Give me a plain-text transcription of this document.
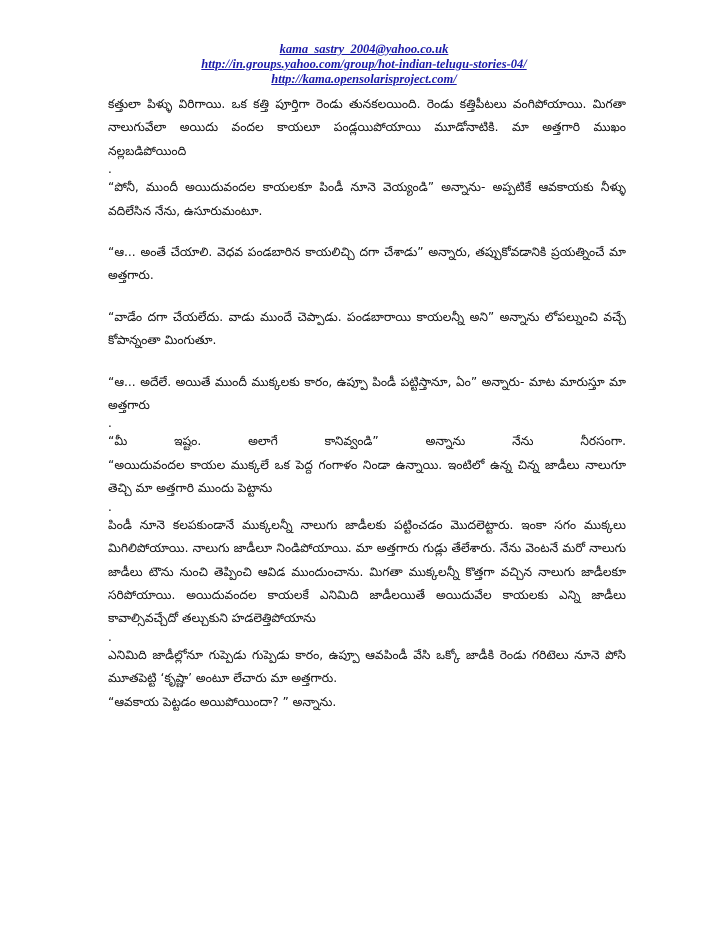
kama_sastry_2004@yahoo.co.uk
http://in.groups.yahoo.com/group/hot-indian-telugu-stories-04/
http://kama.opensolarisproject.com/

కత్తులా పిళ్ళు విరిగాయి. ఒక కత్తి పూర్తిగా రెండు తునకలయింది. రెండు కత్తిపీటలు వంగిపోయాయి. మిగతా నాలుగువేలా అయిదు వందల కాయలూ పండ్లయిపోయాయి మూడోనాటికి. మా అత్తగారి ముఖం నల్లబడిపోయింది

.

“పోనీ, ముందీ అయిదువందల కాయలకూ పిండీ నూనె వెయ్యండి” అన్నాను- అప్పటికే ఆవకాయకు నీళ్ళు వదిలేసిన నేను, ఉసూరుమంటూ.

“ఆ... అంతే చేయాలి. వెధవ పండబారిన కాయలిచ్చి దగా చేశాడు” అన్నారు, తప్పుకోవడానికి ప్రయత్నించే మా అత్తగారు.

“వాడేం దగా చేయలేదు. వాడు ముందే చెప్పాడు. పండబారాయి కాయలన్నీ అని” అన్నాను లోపల్నుంచి వచ్చే కోపాన్నంతా మింగుతూ.

“ఆ... అదేలే. అయితే ముందీ ముక్కలకు కారం, ఉప్పూ పిండీ పట్టిస్తానూ, ఏం” అన్నారు- మాట మారుస్తూ మా అత్తగారు

.

“మీ	ఇష్టం.	అలాగే	కానివ్వండి”	అన్నాను	నేను	నీరసంగా.

“అయిదువందల కాయల ముక్కలే ఒక పెద్ద గంగాళం నిండా ఉన్నాయి. ఇంటిలో ఉన్న చిన్న జాడీలు నాలుగూ తెచ్చి మా అత్తగారి ముందు పెట్టాను

.

పిండీ నూనె కలపకుండానే ముక్కలన్నీ నాలుగు జాడీలకు పట్టించడం మొదలెట్టారు. ఇంకా సగం ముక్కలు మిగిలిపోయాయి. నాలుగు జాడీలూ నిండిపోయాయి. మా అత్తగారు గుడ్లు తేలేశారు. నేను వెంటనే మరో నాలుగు జాడీలు టౌను నుంచి తెప్పించి ఆవిడ ముందుంచాను. మిగతా ముక్కలన్నీ కొత్తగా వచ్చిన నాలుగు జాడీలకూ సరిపోయాయి. అయిదువందల కాయలకే ఎనిమిది జాడీలయితే అయిదువేల కాయలకు ఎన్ని జాడీలు కావాల్సివచ్చేదో తల్చుకుని హడలెత్తిపోయాను

.

ఎనిమిది జాడీల్లోనూ గుప్పెడు గుప్పెడు కారం, ఉప్పూ ఆవపిండీ వేసి ఒక్కో జాడీకి రెండు గరిటెలు నూనె పోసి మూతపెట్టి ‘కృష్ణా’ అంటూ లేచారు మా అత్తగారు.

“ఆవకాయ పెట్టడం అయిపోయిందా? ” అన్నాను.
